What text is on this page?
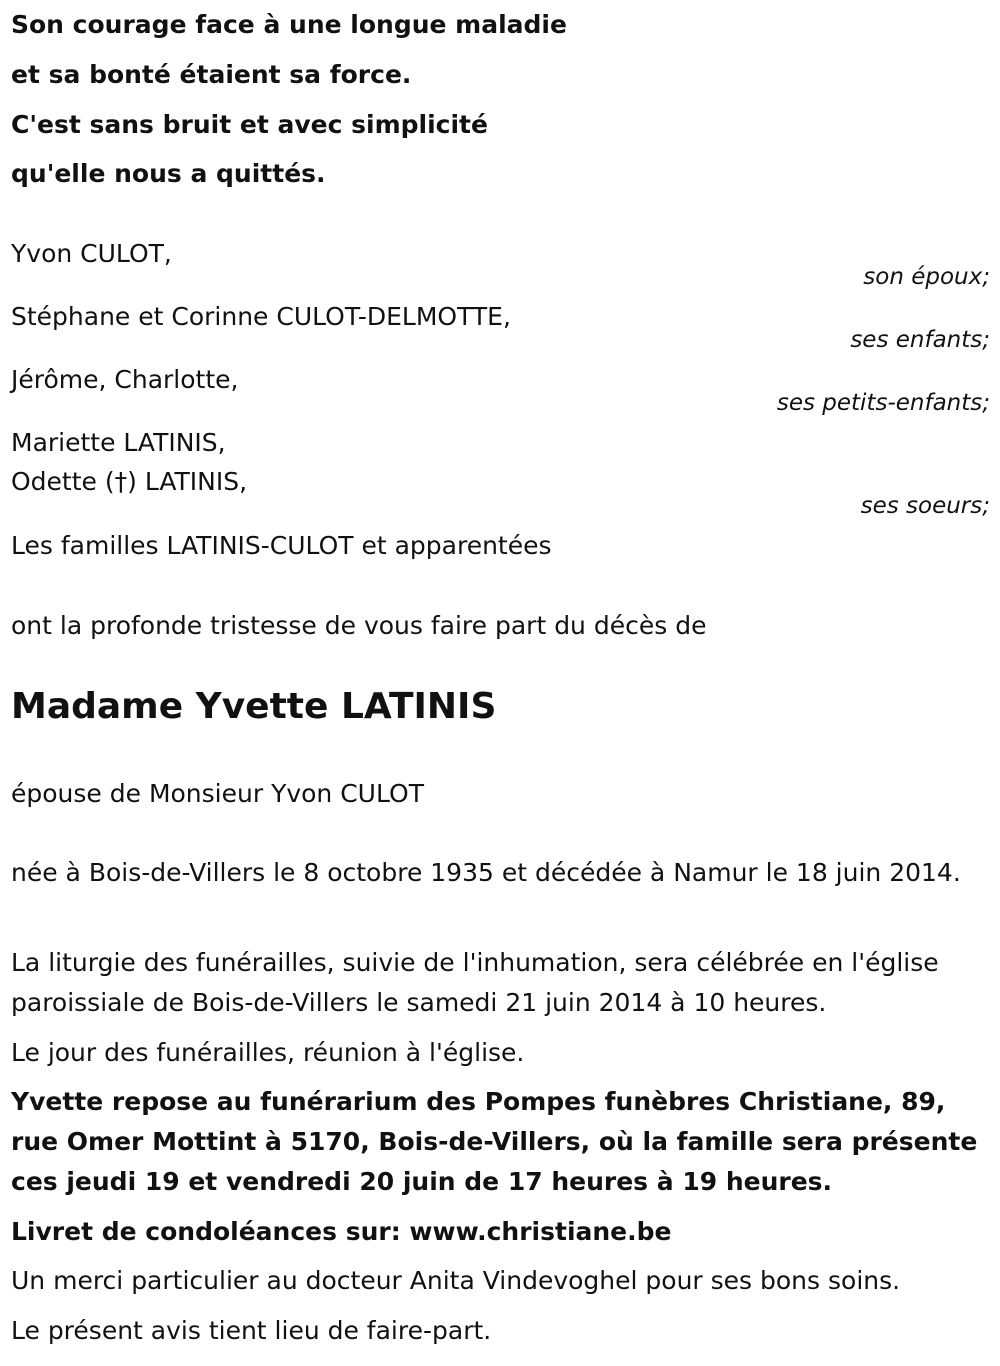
Son courage face à une longue maladie
et sa bonté étaient sa force.
C'est sans bruit et avec simplicité
qu'elle nous a quittés.
Yvon CULOT,
son époux;
Stéphane et Corinne CULOT-DELMOTTE,
ses enfants;
Jérôme, Charlotte,
ses petits-enfants;
Mariette LATINIS,
Odette (†) LATINIS,
ses soeurs;
Les familles LATINIS-CULOT et apparentées
ont la profonde tristesse de vous faire part du décès de
Madame Yvette LATINIS
épouse de Monsieur Yvon CULOT
née à Bois-de-Villers le 8 octobre 1935 et décédée à Namur le 18 juin 2014.
La liturgie des funérailles, suivie de l'inhumation, sera célébrée en l'église paroissiale de Bois-de-Villers le samedi 21 juin 2014 à 10 heures.
Le jour des funérailles, réunion à l'église.
Yvette repose au funérarium des Pompes funèbres Christiane, 89, rue Omer Mottint à 5170, Bois-de-Villers, où la famille sera présente ces jeudi 19 et vendredi 20 juin de 17 heures à 19 heures.
Livret de condoléances sur: www.christiane.be
Un merci particulier au docteur Anita Vindevoghel pour ses bons soins.
Le présent avis tient lieu de faire-part.
